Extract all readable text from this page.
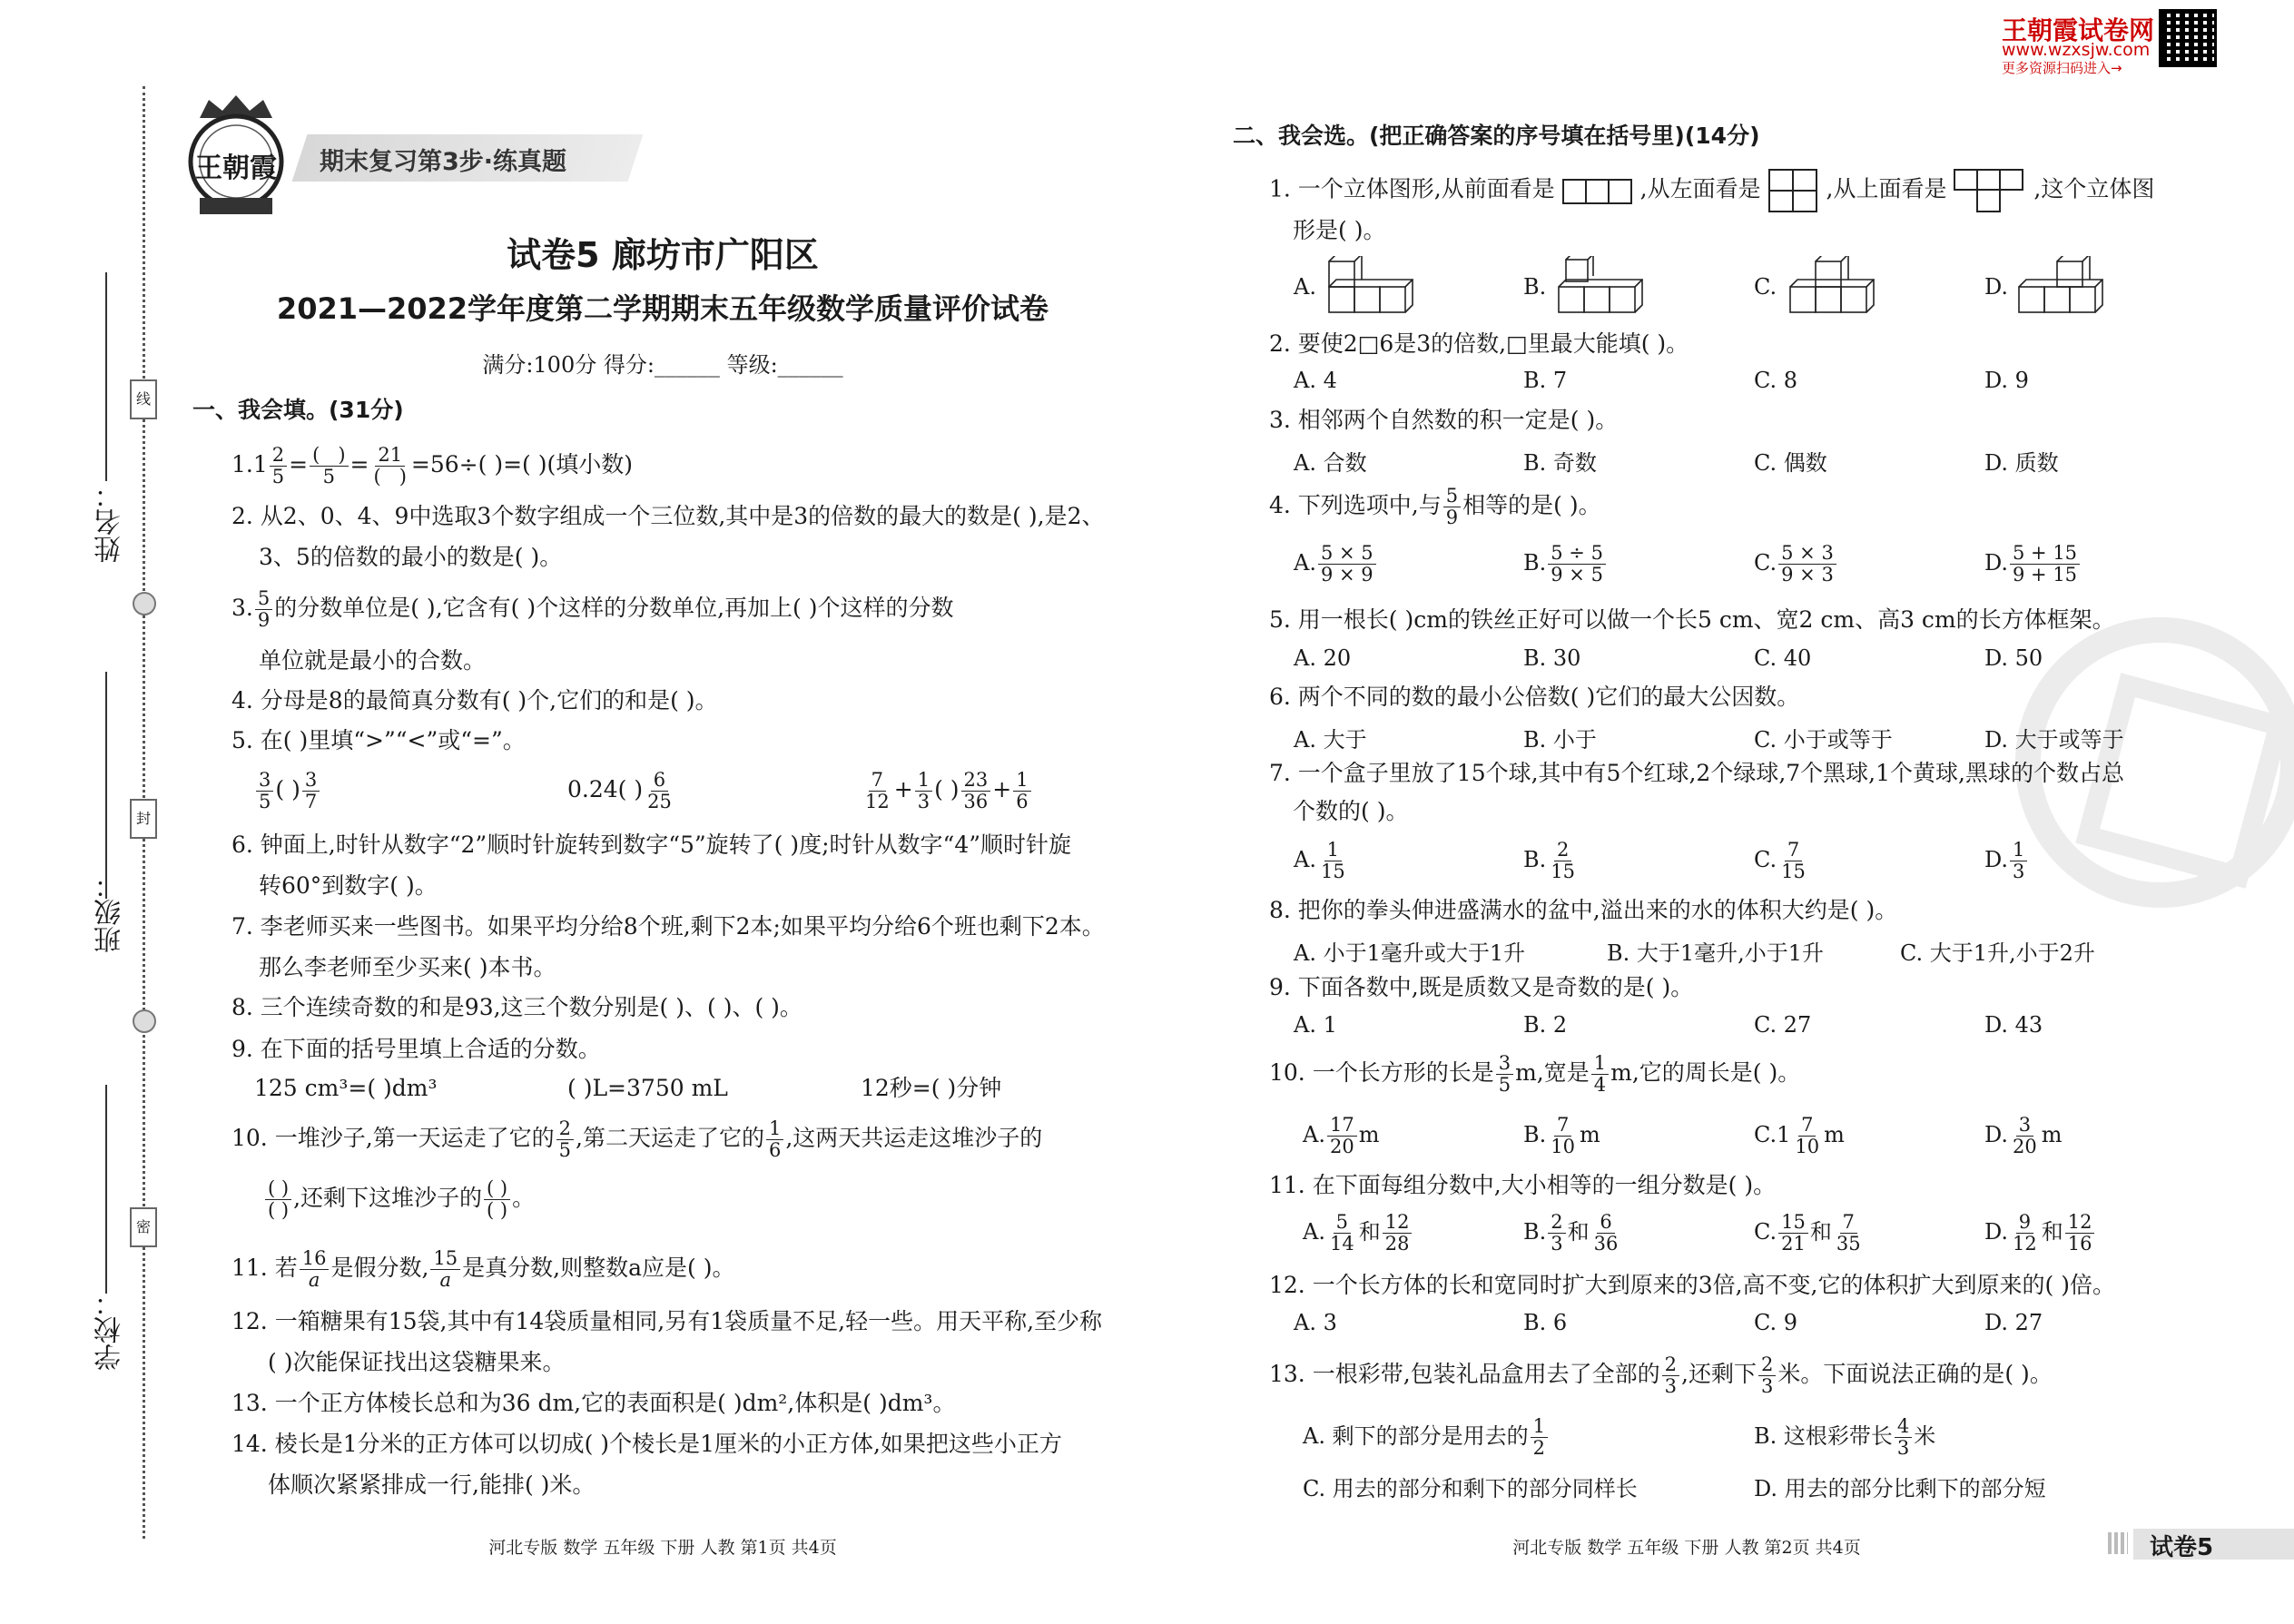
线
封
密
姓名：
班级：
学校：
王朝霞 期末复习第3步·练真题
王朝霞试卷网
www.wzxsjw.com
更多资源扫码进入→
试卷5 廊坊市广阳区
2021—2022学年度第二学期期末五年级数学质量评价试卷
满分:100分 得分:______ 等级:______
一、我会填。(31分)
$1.1 \frac{2}{5} = \frac{( )}{5} = \frac{21}{( )} =56\div$( )=( )(填小数)
2. 从2、0、4、9中选取3个数字组成一个三位数,其中是3的倍数的最大的数是( ),是2、
3、5的倍数的最小的数是( )。
3. $\frac{5}{9}$ 的分数单位是( ),它含有( )个这样的分数单位,再加上( )个这样的分数
单位就是最小的合数。
4. 分母是8的最简真分数有( )个,它们的和是( )。
5. 在( )里填“>”“<”或“=”。
$\frac{3}{5}$ ( ) $\frac{3}{7}$	0.24( ) $\frac{6}{25}$	$\frac{7}{12} + \frac{1}{3}$ ( ) $\frac{23}{36} + \frac{1}{6}$
6. 钟面上,时针从数字“2”顺时针旋转到数字“5”旋转了( )度;时针从数字“4”顺时针旋
转60°到数字( )。
7. 李老师买来一些图书。如果平均分给8个班,剩下2本;如果平均分给6个班也剩下2本。
那么李老师至少买来( )本书。
8. 三个连续奇数的和是93,这三个数分别是( )、( )、( )。
9. 在下面的括号里填上合适的分数。
125 cm³=( )dm³	( )L=3750 mL	12秒=( )分钟
10. 一堆沙子,第一天运走了它的 $\frac{2}{5}$ ,第二天运走了它的 $\frac{1}{6}$ ,这两天共运走这堆沙子的
$\frac{( )}{( )}$ ,还剩下这堆沙子的 $\frac{( )}{( )}$ 。
11. 若 $\frac{16}{a}$ 是假分数, $\frac{15}{a}$ 是真分数,则整数a应是( )。
12. 一箱糖果有15袋,其中有14袋质量相同,另有1袋质量不足,轻一些。用天平称,至少称
( )次能保证找出这袋糖果来。
13. 一个正方体棱长总和为36 dm,它的表面积是( )dm²,体积是( )dm³。
14. 棱长是1分米的正方体可以切成( )个棱长是1厘米的小正方体,如果把这些小正方
体顺次紧紧排成一行,能排( )米。
河北专版 数学 五年级 下册 人教 第1页 共4页
二、我会选。(把正确答案的序号填在括号里)(14分)
1. 一个立体图形,从前面看是	,从左面看是	,从上面看是	,这个立体图
形是( )。
A.	B.	C.	D.
2. 要使2□6是3的倍数,□里最大能填( )。
A. 4	B. 7	C. 8	D. 9
3. 相邻两个自然数的积一定是( )。
A. 合数	B. 奇数	C. 偶数	D. 质数
4. 下列选项中,与 $\frac{5}{9}$ 相等的是( )。
A. $\frac{5 \times 5}{9 \times 9}$	B. $\frac{5 \div 5}{9 \times 5}$	C. $\frac{5 \times 3}{9 \times 3}$	D. $\frac{5 + 15}{9 + 15}$
5. 用一根长( )cm的铁丝正好可以做一个长5 cm、宽2 cm、高3 cm的长方体框架。
A. 20	B. 30	C. 40	D. 50
6. 两个不同的数的最小公倍数( )它们的最大公因数。
A. 大于	B. 小于	C. 小于或等于	D. 大于或等于
7. 一个盒子里放了15个球,其中有5个红球,2个绿球,7个黑球,1个黄球,黑球的个数占总
个数的( )。
A. $\frac{1}{15}$	B. $\frac{2}{15}$	C. $\frac{7}{15}$	D. $\frac{1}{3}$
8. 把你的拳头伸进盛满水的盆中,溢出来的水的体积大约是( )。
A. 小于1毫升或大于1升	B. 大于1毫升,小于1升	C. 大于1升,小于2升
9. 下面各数中,既是质数又是奇数的是( )。
A. 1	B. 2	C. 27	D. 43
10. 一个长方形的长是 $\frac{3}{5} m$,宽是 $\frac{1}{4} m$,它的周长是( )。
A. $\frac{17}{20}$ m	B. $\frac{7}{10}$ m	$C.1 \frac{7}{10}$ m	D. $\frac{3}{20}$ m
11. 在下面每组分数中,大小相等的一组分数是( )。
A. $\frac{5}{14}$ 和 $\frac{12}{28}$	B. $\frac{2}{3}$ 和 $\frac{6}{36}$	C. $\frac{15}{21}$ 和 $\frac{7}{35}$	D. $\frac{9}{12}$ 和 $\frac{12}{16}$
12. 一个长方体的长和宽同时扩大到原来的3倍,高不变,它的体积扩大到原来的( )倍。
A. 3	B. 6	C. 9	D. 27
13. 一根彩带,包装礼品盒用去了全部的 $\frac{2}{3}$ ,还剩下 $\frac{2}{3}$ 米。下面说法正确的是( )。
A. 剩下的部分是用去的 $\frac{1}{2}$	B. 这根彩带长 $\frac{4}{3}$ 米
C. 用去的部分和剩下的部分同样长	D. 用去的部分比剩下的部分短
河北专版 数学 五年级 下册 人教 第2页 共4页	试卷5
